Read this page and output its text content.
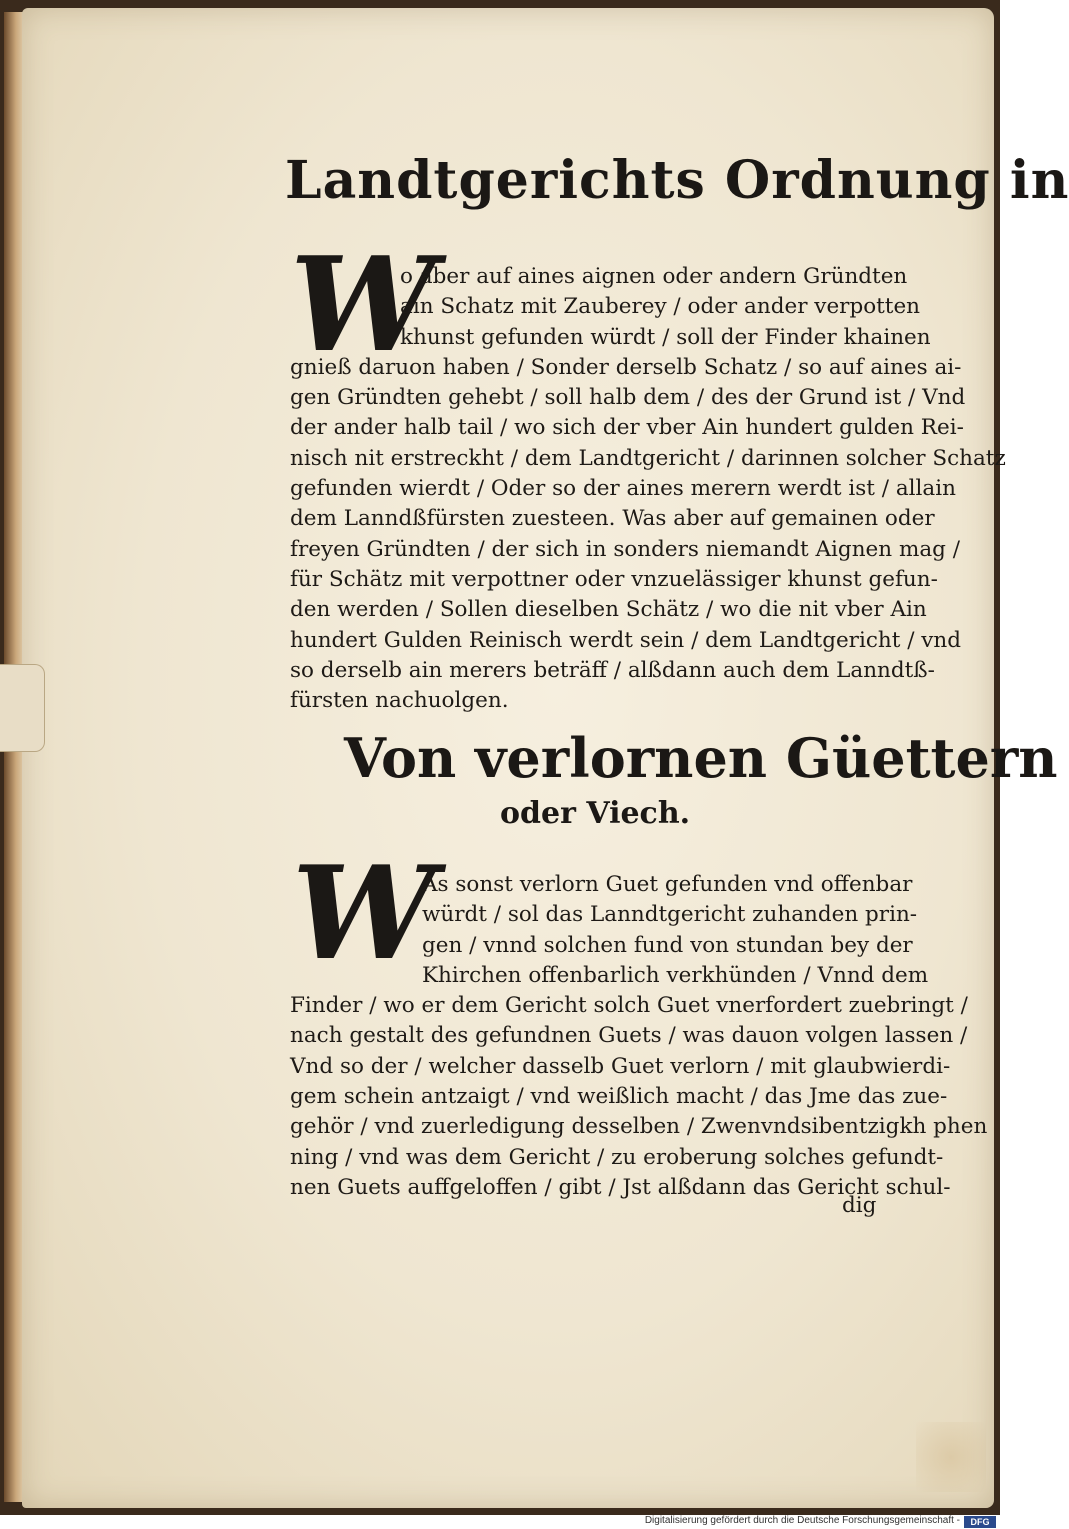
Landtgerichts Ordnung in
W
o aber auf aines aignen oder andern Gründten
ain Schatz mit Zauberey / oder ander verpotten
khunst gefunden würdt / soll der Finder khainen
gnieß daruon haben / Sonder derselb Schatz / so auf aines ai-
gen Gründten gehebt / soll halb dem / des der Grund ist / Vnd
der ander halb tail / wo sich der vber Ain hundert gulden Rei-
nisch nit erstreckht / dem Landtgericht / darinnen solcher Schatz
gefunden wierdt / Oder so der aines merern werdt ist / allain
dem Lanndßfürsten zuesteen. Was aber auf gemainen oder
freyen Gründten / der sich in sonders niemandt Aignen mag /
für Schätz mit verpottner oder vnzuelässiger khunst gefun-
den werden / Sollen dieselben Schätz / wo die nit vber Ain
hundert Gulden Reinisch werdt sein / dem Landtgericht / vnd
so derselb ain merers beträff / alßdann auch dem Lanndtß-
fürsten nachuolgen.
Von verlornen Güettern
oder Viech.
W
As sonst verlorn Guet gefunden vnd offenbar
würdt / sol das Lanndtgericht zuhanden prin-
gen / vnnd solchen fund von stundan bey der
Khirchen offenbarlich verkhünden / Vnnd dem
Finder / wo er dem Gericht solch Guet vnerfordert zuebringt /
nach gestalt des gefundnen Guets / was dauon volgen lassen /
Vnd so der / welcher dasselb Guet verlorn / mit glaubwierdi-
gem schein antzaigt / vnd weißlich macht / das Jme das zue-
gehör / vnd zuerledigung desselben / Zwenvndsibentzigkh phen
ning / vnd was dem Gericht / zu eroberung solches gefundt-
nen Guets auffgeloffen / gibt / Jst alßdann das Gericht schul-
dig
Digitalisierung gefördert durch die Deutsche Forschungsgemeinschaft -	DFG
